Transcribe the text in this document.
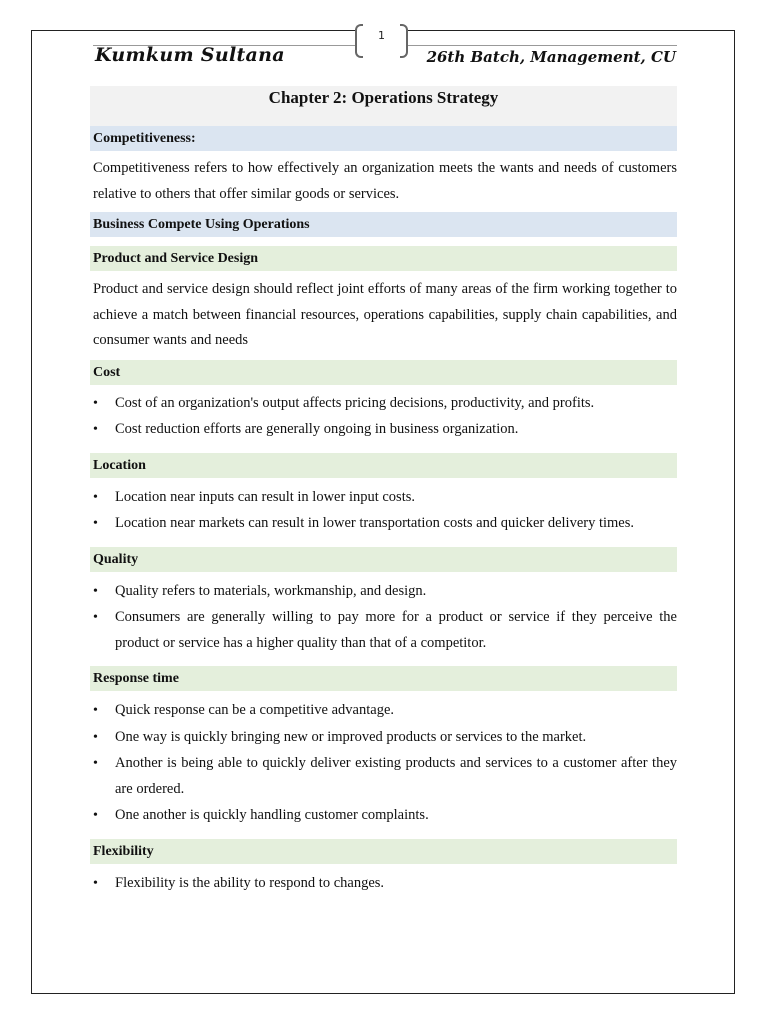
1
Kumkum Sultana	26th Batch, Management, CU
Chapter 2: Operations Strategy
Competitiveness:

Competitiveness refers to how effectively an organization meets the wants and needs of customers relative to others that offer similar goods or services.

Business Compete Using Operations
Product and Service Design

Product and service design should reflect joint efforts of many areas of the firm working together to achieve a match between financial resources, operations capabilities, supply chain capabilities, and consumer wants and needs

Cost
• Cost of an organization's output affects pricing decisions, productivity, and profits.
• Cost reduction efforts are generally ongoing in business organization.
Location
• Location near inputs can result in lower input costs.
• Location near markets can result in lower transportation costs and quicker delivery times.
Quality
• Quality refers to materials, workmanship, and design.
• Consumers are generally willing to pay more for a product or service if they perceive the product or service has a higher quality than that of a competitor.
Response time
• Quick response can be a competitive advantage.
• One way is quickly bringing new or improved products or services to the market.
• Another is being able to quickly deliver existing products and services to a customer after they are ordered.
• One another is quickly handling customer complaints.
Flexibility
• Flexibility is the ability to respond to changes.
